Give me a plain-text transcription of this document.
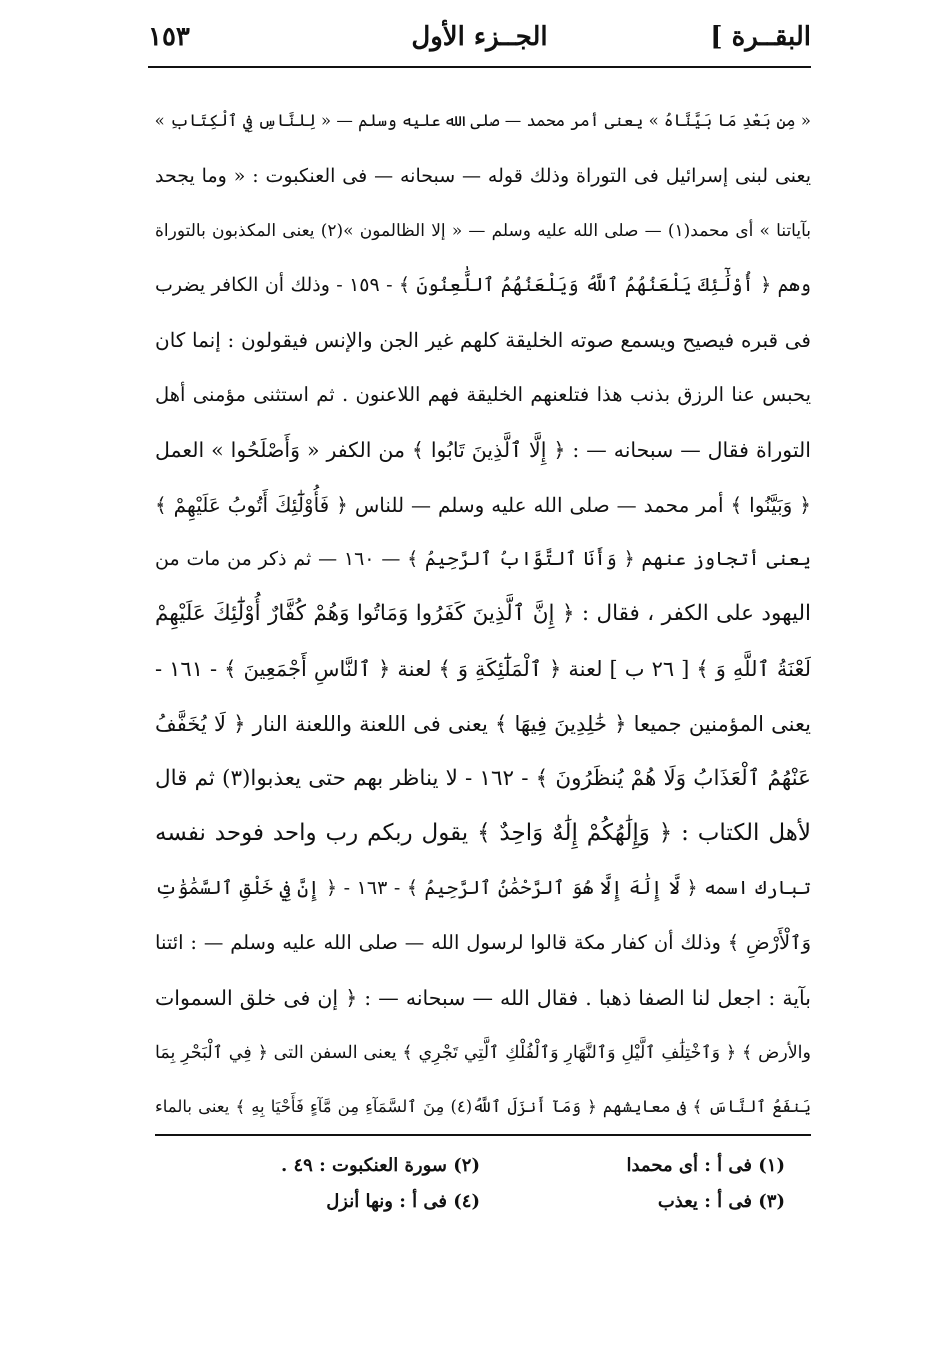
البقــرة ]
الجــزء الأول
١٥٣
« مِن بَعْدِ مَا بَيَّنَّاهُ » يعنى أمر محمد — صلى الله عليه وسلم — « لِلنَّاسِ فِي ٱلْكِتَابِ »
يعنى لبنى إسرائيل فى التوراة وذلك قوله — سبحانه — فى العنكبوت : « وما يجحد
بآياتنا » أى محمد(١) — صلى الله عليه وسلم — « إلا الظالمون »(٢) يعنى المكذبون بالتوراة
وهم ﴿ أُوْلَٰٓئِكَ يَلْعَنُهُمُ ٱللَّهُ وَيَلْعَنُهُمُ ٱللَّٰعِنُونَ ﴾ - ١٥٩ - وذلك أن الكافر يضرب
فى قبره فيصيح ويسمع صوته الخليقة كلهم غير الجن والإنس فيقولون : إنما كان
يحبس عنا الرزق بذنب هذا فتلعنهم الخليقة فهم اللاعنون . ثم استثنى مؤمنى أهل
التوراة فقال — سبحانه — : ﴿ إِلَّا ٱلَّذِينَ تَابُوا ﴾ من الكفر « وَأَصْلَحُوا » العمل
﴿ وَبَيَّنُوا ﴾ أمر محمد — صلى الله عليه وسلم — للناس ﴿ فَأُوْلَٰٓئِكَ أَتُوبُ عَلَيْهِمْ ﴾
يعنى أتجاوز عنهم ﴿ وَأَنَا ٱلتَّوَّابُ ٱلرَّحِيمُ ﴾ — ١٦٠ — ثم ذكر من مات من
اليهود على الكفر ، فقال : ﴿ إِنَّ ٱلَّذِينَ كَفَرُوا وَمَاتُوا وَهُمْ كُفَّارٌ أُوْلَٰٓئِكَ عَلَيْهِمْ
لَعْنَةُ ٱللَّهِ وَ ﴾ [ ٢٦ ب ] لعنة ﴿ ٱلْمَلَٰٓئِكَةِ وَ ﴾ لعنة ﴿ ٱلنَّاسِ أَجْمَعِينَ ﴾ - ١٦١ -
يعنى المؤمنين جميعا ﴿ خَٰلِدِينَ فِيهَا ﴾ يعنى فى اللعنة واللعنة النار ﴿ لَا يُخَفَّفُ
عَنْهُمُ ٱلْعَذَابُ وَلَا هُمْ يُنظَرُونَ ﴾ - ١٦٢ - لا يناظر بهم حتى يعذبوا(٣) ثم قال
لأهل الكتاب : ﴿ وَإِلَٰهُكُمْ إِلَٰهٌ وَاحِدٌ ﴾ يقول ربكم رب واحد فوحد نفسه
تبارك اسمه ﴿ لَّا إِلَٰهَ إِلَّا هُوَ ٱلرَّحْمَٰنُ ٱلرَّحِيمُ ﴾ - ١٦٣ - ﴿ إِنَّ فِي خَلْقِ ٱلسَّمَٰوَٰتِ
وَٱلْأَرْضِ ﴾ وذلك أن كفار مكة قالوا لرسول الله — صلى الله عليه وسلم — : ائتنا
بآية : اجعل لنا الصفا ذهبا . فقال الله — سبحانه — : ﴿ إن فى خلق السموات
والأرض ﴾ ﴿ وَٱخْتِلَٰفِ ٱلَّيْلِ وَٱلنَّهَارِ وَٱلْفُلْكِ ٱلَّتِي تَجْرِي ﴾ يعنى السفن التى ﴿ فِي ٱلْبَحْرِ بِمَا
يَنفَعُ ٱلنَّاسَ ﴾ فى معايشهم ﴿ وَمَآ أَنزَلَ ٱللَّهُ(٤) مِنَ ٱلسَّمَآءِ مِن مَّآءٍ فَأَحْيَا بِهِ ﴾ يعنى بالماء
(١) فى أ : أى محمدا
(٢) سورة العنكبوت : ٤٩ .
(٣) فى أ : يعذب
(٤) فى أ : ونها أنزل
